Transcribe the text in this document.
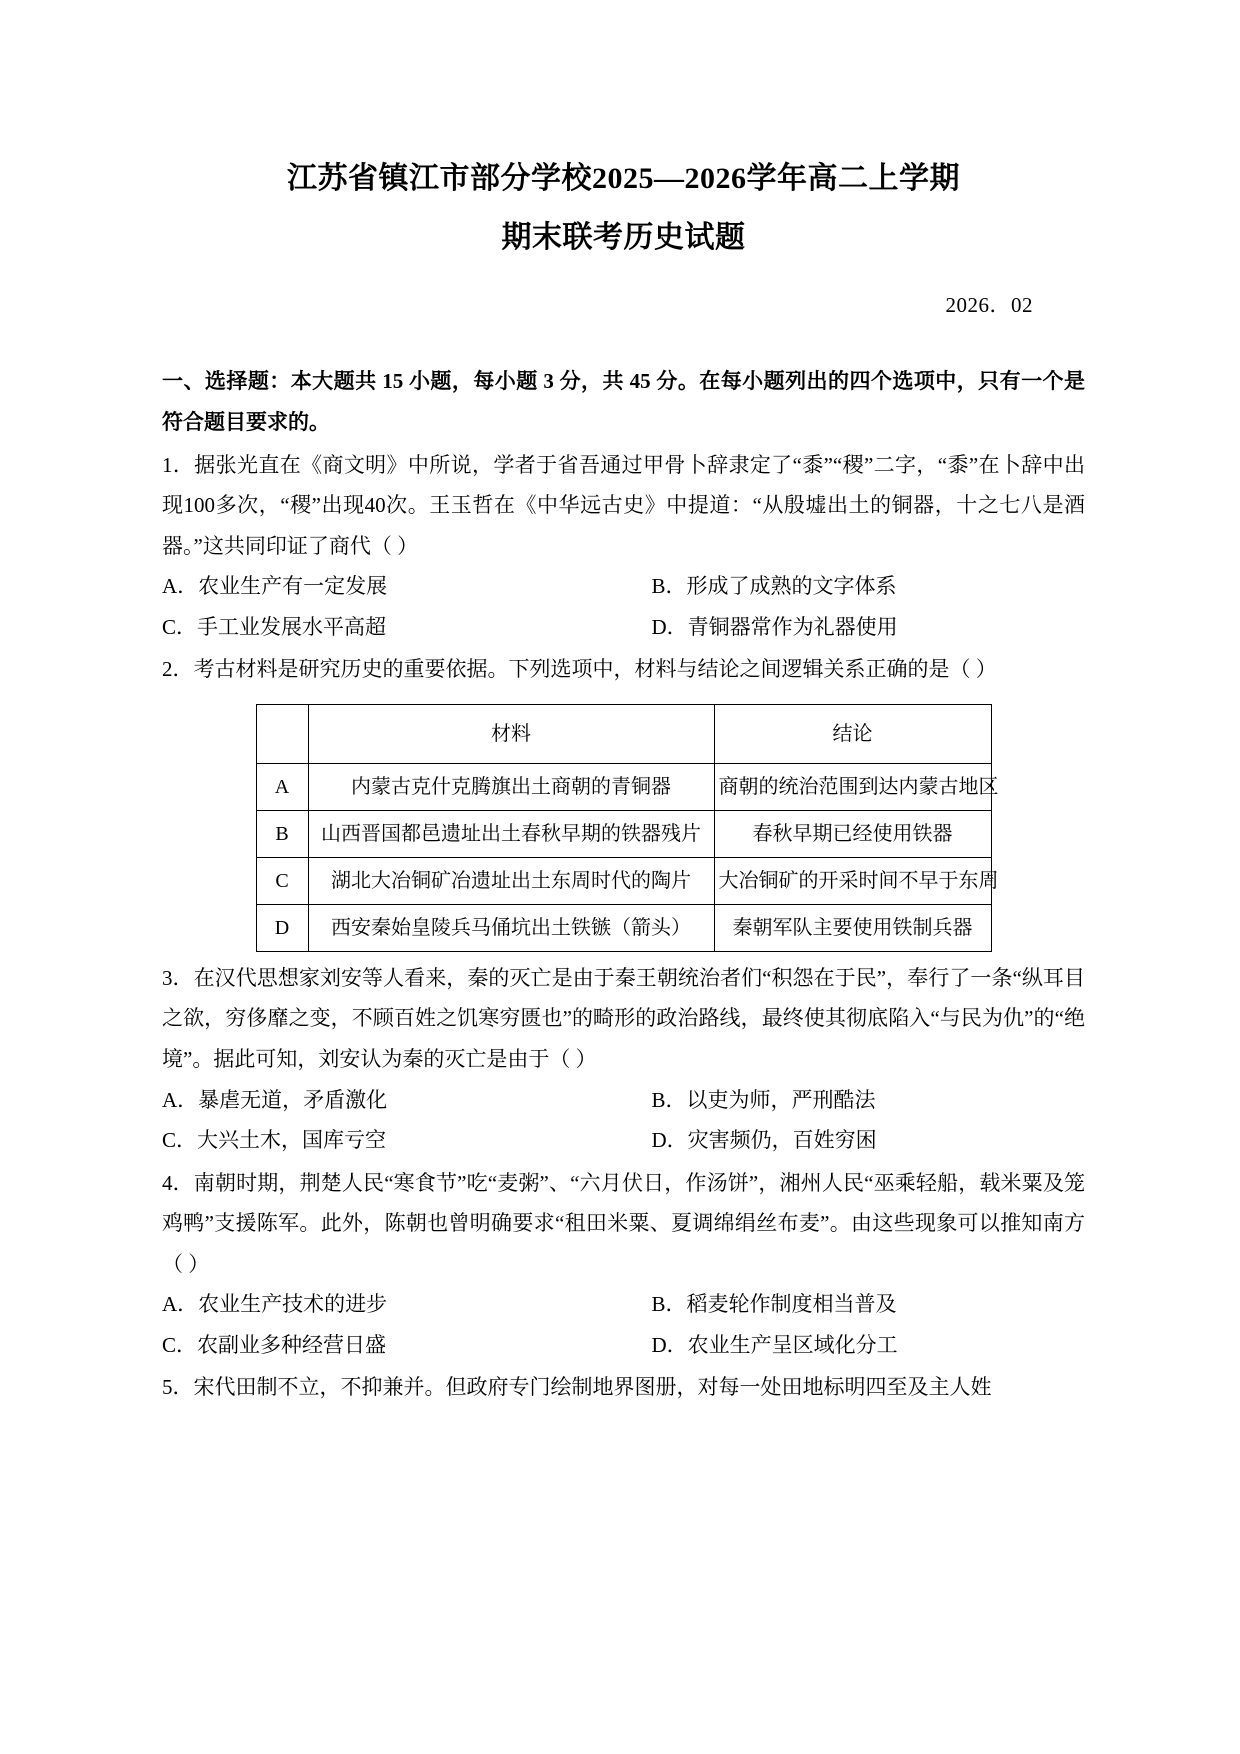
江苏省镇江市部分学校2025—2026学年高二上学期
期末联考历史试题
2026．02
一、选择题：本大题共 15 小题，每小题 3 分，共 45 分。在每小题列出的四个选项中，只有一个是符合题目要求的。

1．据张光直在《商文明》中所说，学者于省吾通过甲骨卜辞隶定了“黍”“稷”二字，“黍”在卜辞中出现100多次，“稷”出现40次。王玉哲在《中华远古史》中提道：“从殷墟出土的铜器，十之七八是酒器。”这共同印证了商代（ ）

A．农业生产有一定发展	B．形成了成熟的文字体系
C．手工业发展水平高超	D．青铜器常作为礼器使用

2．考古材料是研究历史的重要依据。下列选项中，材料与结论之间逻辑关系正确的是（ ）

	材料	结论
A	内蒙古克什克腾旗出土商朝的青铜器	商朝的统治范围到达内蒙古地区
B	山西晋国都邑遗址出土春秋早期的铁器残片	春秋早期已经使用铁器
C	湖北大冶铜矿冶遗址出土东周时代的陶片	大冶铜矿的开采时间不早于东周
D	西安秦始皇陵兵马俑坑出土铁镞（箭头）	秦朝军队主要使用铁制兵器

3．在汉代思想家刘安等人看来，秦的灭亡是由于秦王朝统治者们“积怨在于民”，奉行了一条“纵耳目之欲，穷侈靡之变，不顾百姓之饥寒穷匮也”的畸形的政治路线，最终使其彻底陷入“与民为仇”的“绝境”。据此可知，刘安认为秦的灭亡是由于（ ）

A．暴虐无道，矛盾激化	B．以吏为师，严刑酷法
C．大兴土木，国库亏空	D．灾害频仍，百姓穷困

4．南朝时期，荆楚人民“寒食节”吃“麦粥”、“六月伏日，作汤饼”，湘州人民“巫乘轻船，载米粟及笼鸡鸭”支援陈军。此外，陈朝也曾明确要求“租田米粟、夏调绵绢丝布麦”。由这些现象可以推知南方（ ）

A．农业生产技术的进步	B．稻麦轮作制度相当普及
C．农副业多种经营日盛	D．农业生产呈区域化分工

5．宋代田制不立，不抑兼并。但政府专门绘制地界图册，对每一处田地标明四至及主人姓
